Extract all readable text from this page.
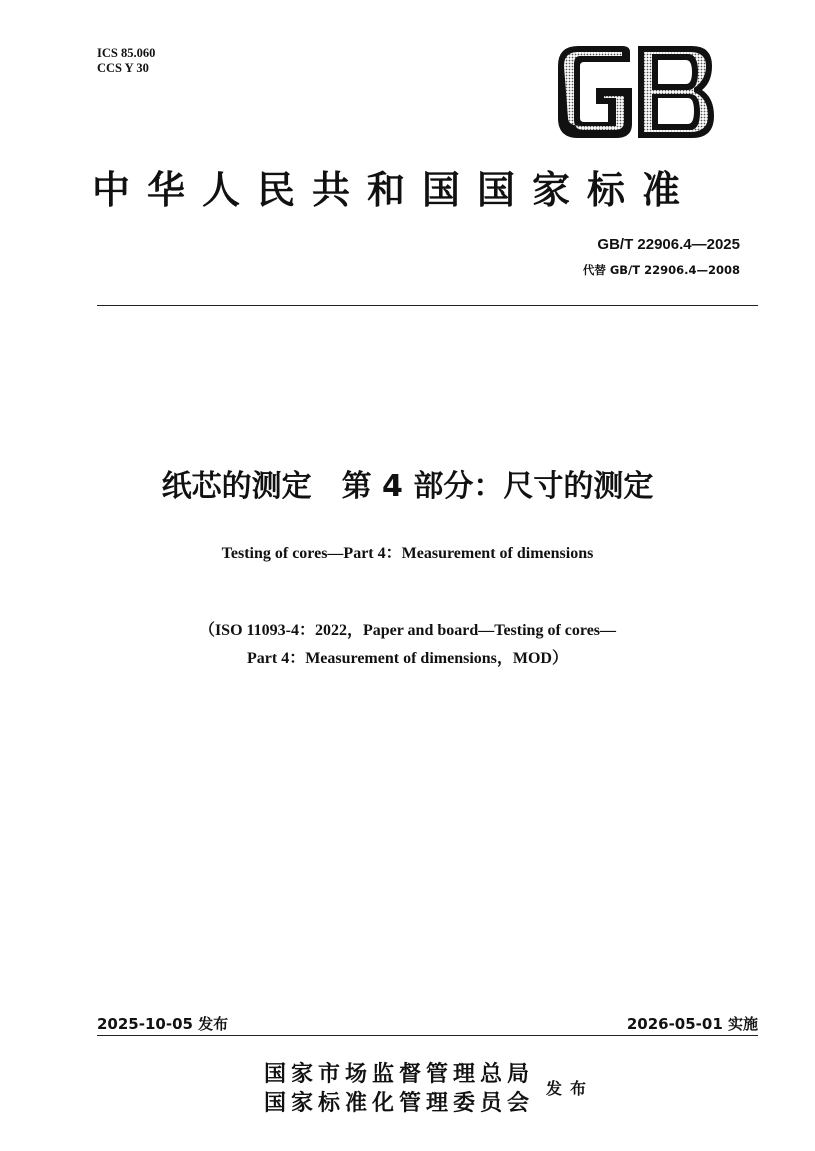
ICS 85.060
CCS Y 30
中华人民共和国国家标准
GB/T 22906.4—2025
代替 GB/T 22906.4—2008
纸芯的测定　第 4 部分：尺寸的测定
Testing of cores—Part 4：Measurement of dimensions
（ISO 11093-4：2022，Paper and board—Testing of cores—
Part 4：Measurement of dimensions，MOD）
2025-10-05 发布	2026-05-01 实施
国家市场监督管理总局
国家标准化管理委员会
发布
